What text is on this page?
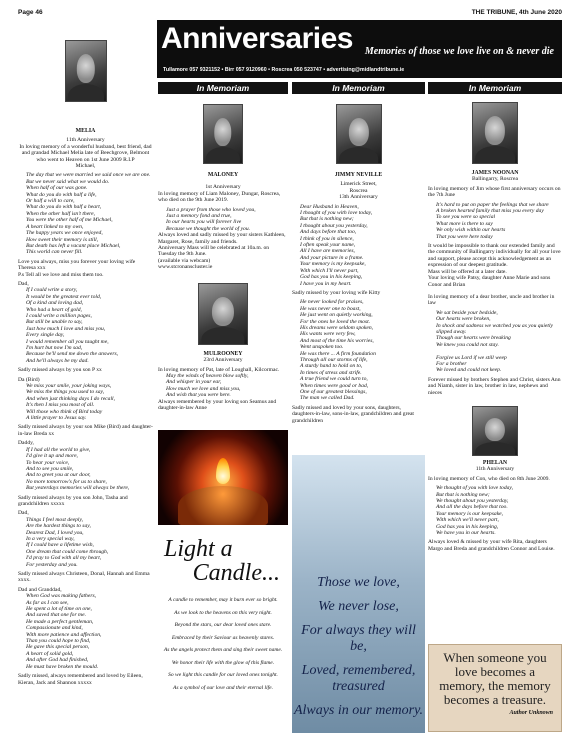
Page 46	THE TRIBUNE, 4th June 2020
Anniversaries Memories of those we love live on & never die
Tullamore 057 9321152 • Birr 057 9120960 • Roscrea 050 523747 • advertising@midlandtribune.ie
In Memoriam	In Memoriam	In Memoriam
MELIA
11th Anniversary
In loving memory of a wonderful husband, best friend, dad and grandad Michael Melia late of Beechgrove, Belmont who went to Heaven on 1st June 2009 R.I.P
Michael,
The day that we were married we said once we are one.
But we never said what we would do.
When half of our was gone.
What do you do with half a life,
Or half a will to care,
What do you do with half a heart,
When the other half isn't there,
You were the other half of me Michael,
A heart linked to my own,
The happy years we once enjoyed,
How sweet their memory is still,
But death has left a vacant place Michael,
This world can never fill.
Love you always, miss you forever your loving wife Theresa xxx
P.s Tell all we love and miss them too.
Dad,
If I could write a story,
It would be the greatest ever told,
Of a kind and loving dad,
Who had a heart of gold,
I could write a million pages,
But still be unable to say,
Just how much I love and miss you,
Every single day,
I would remember all you taught me,
I'm hurt but now I'm sad,
Because he'll send me down the answers,
And he'll always be my dad.
Sadly missed always by you son P xx
Da (Bird)
We miss your smile, your joking ways,
We miss the things you used to say,
And when just thinking days I do recall,
It's then I miss you most of all.
Will those who think of Bird today
A little prayer to Jesus say.
Sadly missed always by your son Mike (Bird) and daughter-in-law Breda xx
Daddy,
If I had all the world to give,
I'd give it up and more,
To hear your voice,
And to see you smile,
And to greet you at our door,
No more tomorrow's for us to share,
But yesterdays memories will always be there,
Sadly missed always by you son John, Tasha and grandchildren xxxxx
Dad,
Things I feel most deeply,
Are the hardest things to say,
Dearest Dad, I loved you,
In a very special way,
If I could have a lifetime wish,
One dream that could come through,
I'd pray to God with all my heart,
For yesterday and you.
Sadly missed always Christeen, Donal, Hannah and Emma xxxx.
Dad and Granddad,
When God was making fathers,
As far as I can see,
He spent a lot of time on one,
And saved that one for me.
He made a perfect gentleman,
Compassionate and kind,
With more patience and affection,
Than you could hope to find,
He gave this special person,
A heart of solid gold,
And after God had finished,
He must have broken the mould.
Sadly missed, always remembered and loved by Eileen, Kieran, Jack and Shannon xxxxx
MALONEY
1st Anniversary
In loving memory of Liam Maloney, Dungar, Roscrea, who died on the 9th June 2019.
Just a prayer from those who loved you,
Just a memory fond and true,
In our hearts you will forever live
Because we thought the world of you.
Always loved and sadly missed by your sisters Kathleen, Margaret, Rose, family and friends.
Anniversary Mass will be celebrated at 10a.m. on Tuesday the 9th June.
(available via webcam)
www.stcronanscluster.ie
MULROONEY
23rd Anniversary
In loving memory of Pat, late of Loughall, Kilcormac.
May the winds of heaven blow softly,
And whisper in your ear,
How much we love and miss you,
And wish that you were here.
Always remembered by your loving son Seamus and daughter-in-law Anne
Light a
Candle...
A candle to remember, may it burn ever so bright.
As we look to the heavens on this very night.
Beyond the stars, our dear loved ones stare.
Embraced by their Saviour as heavenly stares.
As the angels protect them and sing their sweet name.
We honor their life with the glow of this flame.
So we light this candle for our loved ones tonight.
As a symbol of our love and their eternal life.
JIMMY NEVILLE
Limerick Street,
Roscrea
13th Anniversary
Dear Husband in Heaven,
I thought of you with love today,
But that is nothing new;
I thought about you yesterday,
And days before that too,
I think of you in silence,
I often speak your name,
All I have are memories,
And your picture in a frame.
Your memory is my keepsake,
With which I'll never part,
God has you in his keeping,
I have you in my heart.
Sadly missed by your loving wife Kitty
He never looked for praises,
He was never one to boast,
He just went on quietly working,
For the ones he loved the most.
His dreams were seldom spoken,
His wants were very few,
And most of the time his worries,
Went unspoken too.
He was there ... A firm foundation
Through all our storms of life,
A sturdy hand to hold on to,
In times of stress and strife.
A true friend we could turn to,
When times were good or bad,
One of our greatest blessings,
The man we called Dad.
Sadly missed and loved by your sons, daughters, daughters-in-law, sons-in-law, grandchildren and great grandchildren
Those we love,
We never lose,
For always they will be,
Loved, remembered, treasured
Always in our memory.
JAMES NOONAN
Ballingarry, Roscrea
In loving memory of Jim whose first anniversary occurs on the 7th June
It's hard to put on paper the feelings that we share
A broken hearted family that miss you every day
To see you were so special
What more is there to say
We only wish within our hearts
That you were here today
It would be impossible to thank our extended family and the community of Ballingarry individually for all your love and support, please accept this acknowledgement as an expression of our deepest gratitude.
Mass will be offered at a later date.
Your loving wife Patsy, daughter Anne Marie and sons Conor and Brian
In loving memory of a dear brother, uncle and brother in law
We sat beside your bedside,
Our hearts were broken,
In shock and sadness we watched you as you quietly slipped away.
Though our hearts were breaking
We knew you could not stay.

Forgive us Lord if we still weep
For a brother
We loved and could not keep.
Forever missed by brothers Stephen and Christ, sisters Ann and Niamh, sister in law, brother in law, nephews and nieces
PHELAN
11th Anniversary
In loving memory of Con, who died on 8th June 2009.
We thought of you with love today,
But that is nothing new;
We thought about you yesterday,
And all the days before that too.
Your memory is our keepsake,
With which we'll never part,
God has you in his keeping,
We have you in our hearts.
Always loved & missed by your wife Rita, daughters Margo and Breda and grandchildren Connor and Louise.
When someone you love becomes a memory, the memory becomes a treasure.
Author Unknown
